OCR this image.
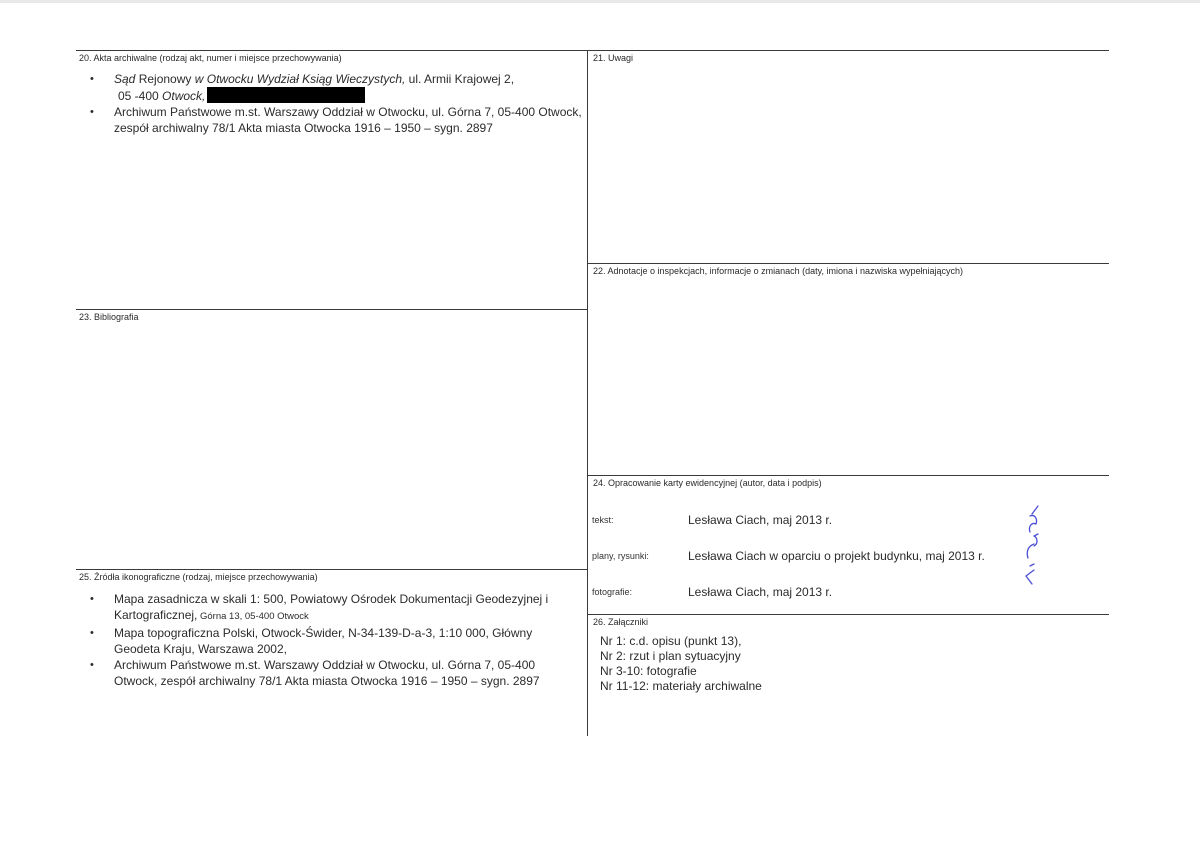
20. Akta archiwalne (rodzaj akt, numer i miejsce przechowywania)
• Sąd Rejonowy w Otwocku Wydział Ksiąg Wieczystych, ul. Armii Krajowej 2,
05 -400 Otwock,
• Archiwum Państwowe m.st. Warszawy Oddział w Otwocku, ul. Górna 7, 05-400 Otwock, zespół archiwalny 78/1 Akta miasta Otwocka 1916 – 1950 – sygn. 2897
21. Uwagi
22. Adnotacje o inspekcjach, informacje o zmianach (daty, imiona i nazwiska wypełniających)
23. Bibliografia
24. Opracowanie karty ewidencyjnej (autor, data i podpis)
tekst:	Lesława Ciach, maj 2013 r.
plany, rysunki:	Lesława Ciach w oparciu o projekt budynku, maj 2013 r.
fotografie:	Lesława Ciach, maj 2013 r.
25. Źródła ikonograficzne (rodzaj, miejsce przechowywania)
• Mapa zasadnicza w skali 1: 500, Powiatowy Ośrodek Dokumentacji Geodezyjnej i Kartograficznej, Górna 13, 05-400 Otwock
• Mapa topograficzna Polski, Otwock-Świder, N-34-139-D-a-3, 1:10 000, Główny Geodeta Kraju, Warszawa 2002,
• Archiwum Państwowe m.st. Warszawy Oddział w Otwocku, ul. Górna 7, 05-400 Otwock, zespół archiwalny 78/1 Akta miasta Otwocka 1916 – 1950 – sygn. 2897
26. Załączniki
Nr 1: c.d. opisu (punkt 13),
Nr 2: rzut i plan sytuacyjny
Nr 3-10: fotografie
Nr 11-12: materiały archiwalne
